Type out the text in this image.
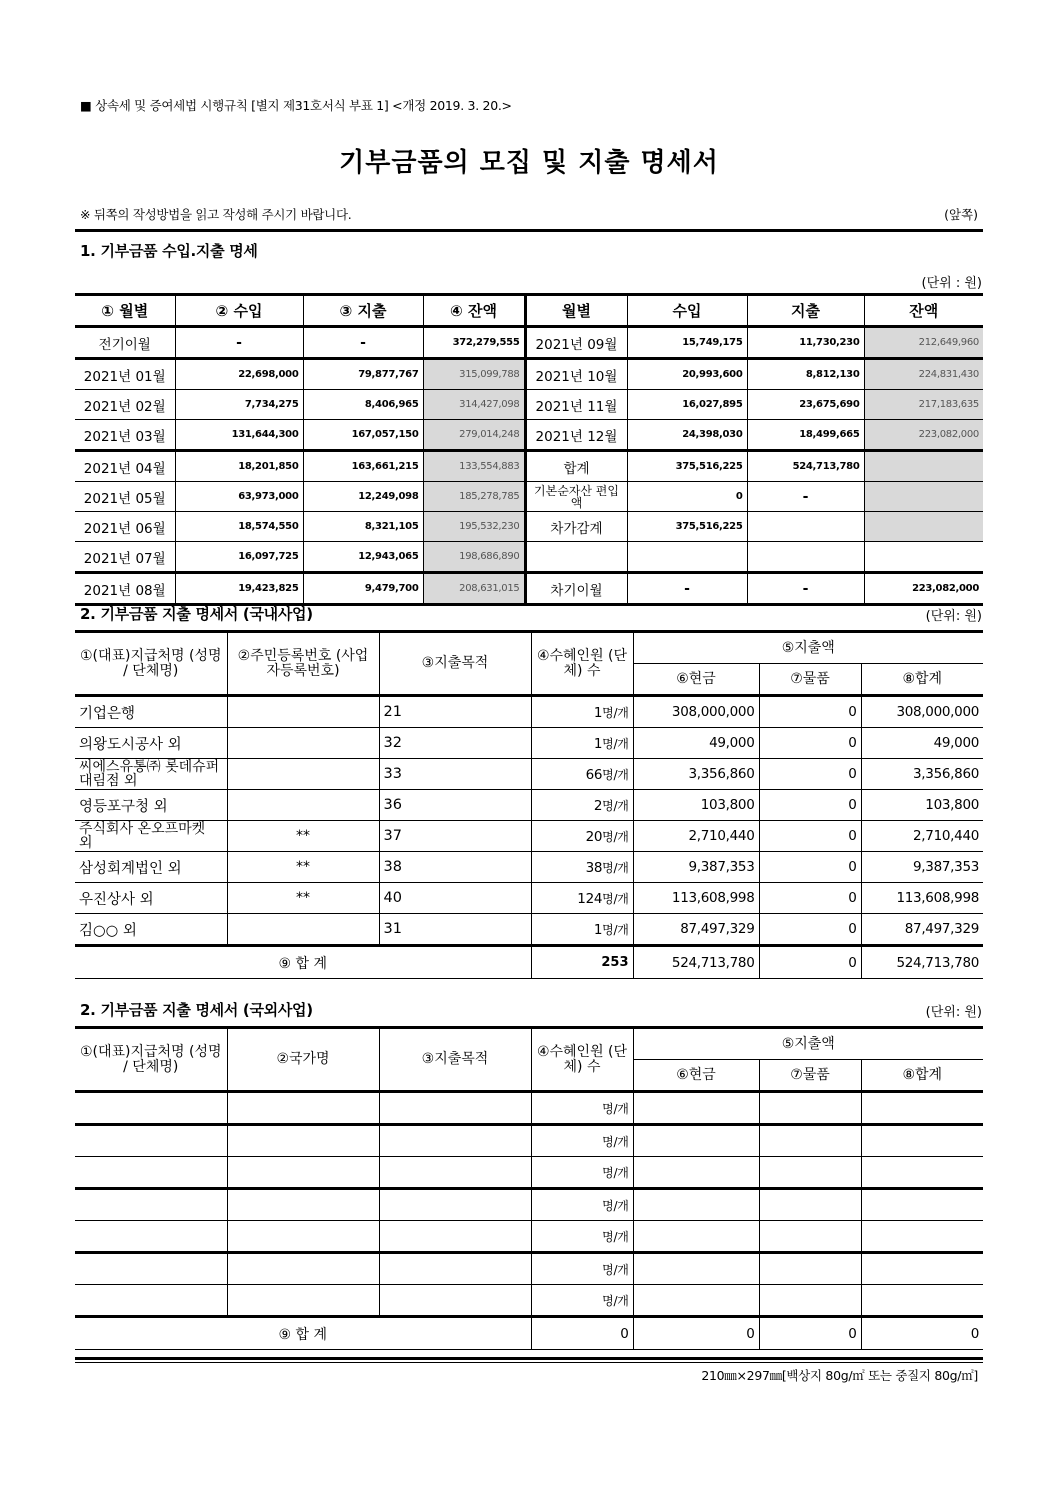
■ 상속세 및 증여세법 시행규칙 [별지 제31호서식 부표 1] <개정 2019. 3. 20.>
기부금품의 모집 및 지출 명세서
※ 뒤쪽의 작성방법을 읽고 작성해 주시기 바랍니다.	(앞쪽)
1. 기부금품 수입.지출 명세
(단위 : 원)
① 월별	② 수입	③ 지출	④ 잔액	월별	수입	지출	잔액
전기이월	-	-	372,279,555	2021년 09월	15,749,175	11,730,230	212,649,960
2021년 01월	22,698,000	79,877,767	315,099,788	2021년 10월	20,993,600	8,812,130	224,831,430
2021년 02월	7,734,275	8,406,965	314,427,098	2021년 11월	16,027,895	23,675,690	217,183,635
2021년 03월	131,644,300	167,057,150	279,014,248	2021년 12월	24,398,030	18,499,665	223,082,000
2021년 04월	18,201,850	163,661,215	133,554,883	합계	375,516,225	524,713,780	
2021년 05월	63,973,000	12,249,098	185,278,785	기본순자산 편입액	0	-	
2021년 06월	18,574,550	8,321,105	195,532,230	차가감계	375,516,225		
2021년 07월	16,097,725	12,943,065	198,686,890				
2021년 08월	19,423,825	9,479,700	208,631,015	차기이월	-	-	223,082,000
2. 기부금품 지출 명세서 (국내사업)	(단위: 원)
①(대표)지급처명 (성명 / 단체명)	②주민등록번호 (사업자등록번호)	③지출목적	④수혜인원 (단체) 수	⑤지출액		
				⑥현금	⑦물품	⑧합계
기업은행		21	1명/개	308,000,000	0	308,000,000
의왕도시공사 외		32	1명/개	49,000	0	49,000
씨에스유통㈜ 롯데슈퍼 대림점 외		33	66명/개	3,356,860	0	3,356,860
영등포구청 외		36	2명/개	103,800	0	103,800
주식회사 온오프마켓 외	**	37	20명/개	2,710,440	0	2,710,440
삼성회계법인 외	**	38	38명/개	9,387,353	0	9,387,353
우진상사 외	**	40	124명/개	113,608,998	0	113,608,998
김○○ 외		31	1명/개	87,497,329	0	87,497,329
⑨ 합 계			253	524,713,780	0	524,713,780
2. 기부금품 지출 명세서 (국외사업)	(단위: 원)
①(대표)지급처명 (성명 / 단체명)	②국가명	③지출목적	④수혜인원 (단체) 수	⑤지출액		
				⑥현금	⑦물품	⑧합계
			명/개			
			명/개			
			명/개			
			명/개			
			명/개			
			명/개			
			명/개			
⑨ 합 계			0	0	0	0
210㎜×297㎜[백상지 80g/㎡ 또는 중질지 80g/㎡]
